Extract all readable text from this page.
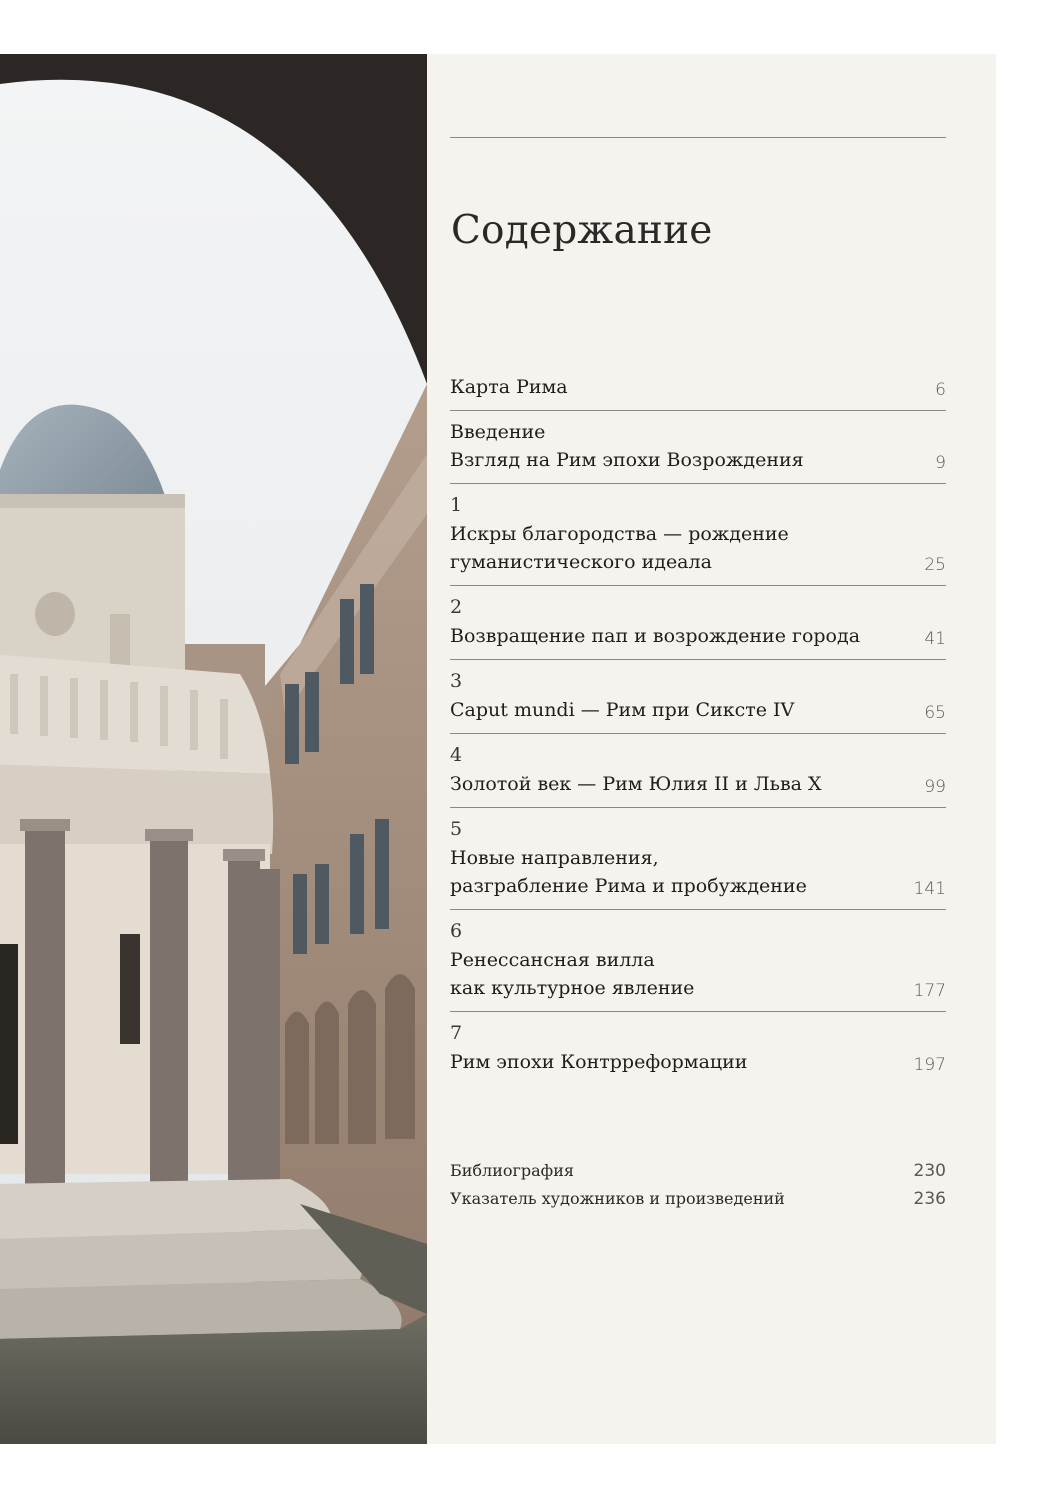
Содержание
Карта Рима	6
Введение
Взгляд на Рим эпохи Возрождения	9
1
Искры благородства — рождение
гуманистического идеала	25
2
Возвращение пап и возрождение города	41
3
Caput mundi — Рим при Сиксте IV	65
4
Золотой век — Рим Юлия II и Льва X	99
5
Новые направления,
разграбление Рима и пробуждение	141
6
Ренессансная вилла
как культурное явление	177
7
Рим эпохи Контрреформации	197
Библиография	230
Указатель художников и произведений	236
